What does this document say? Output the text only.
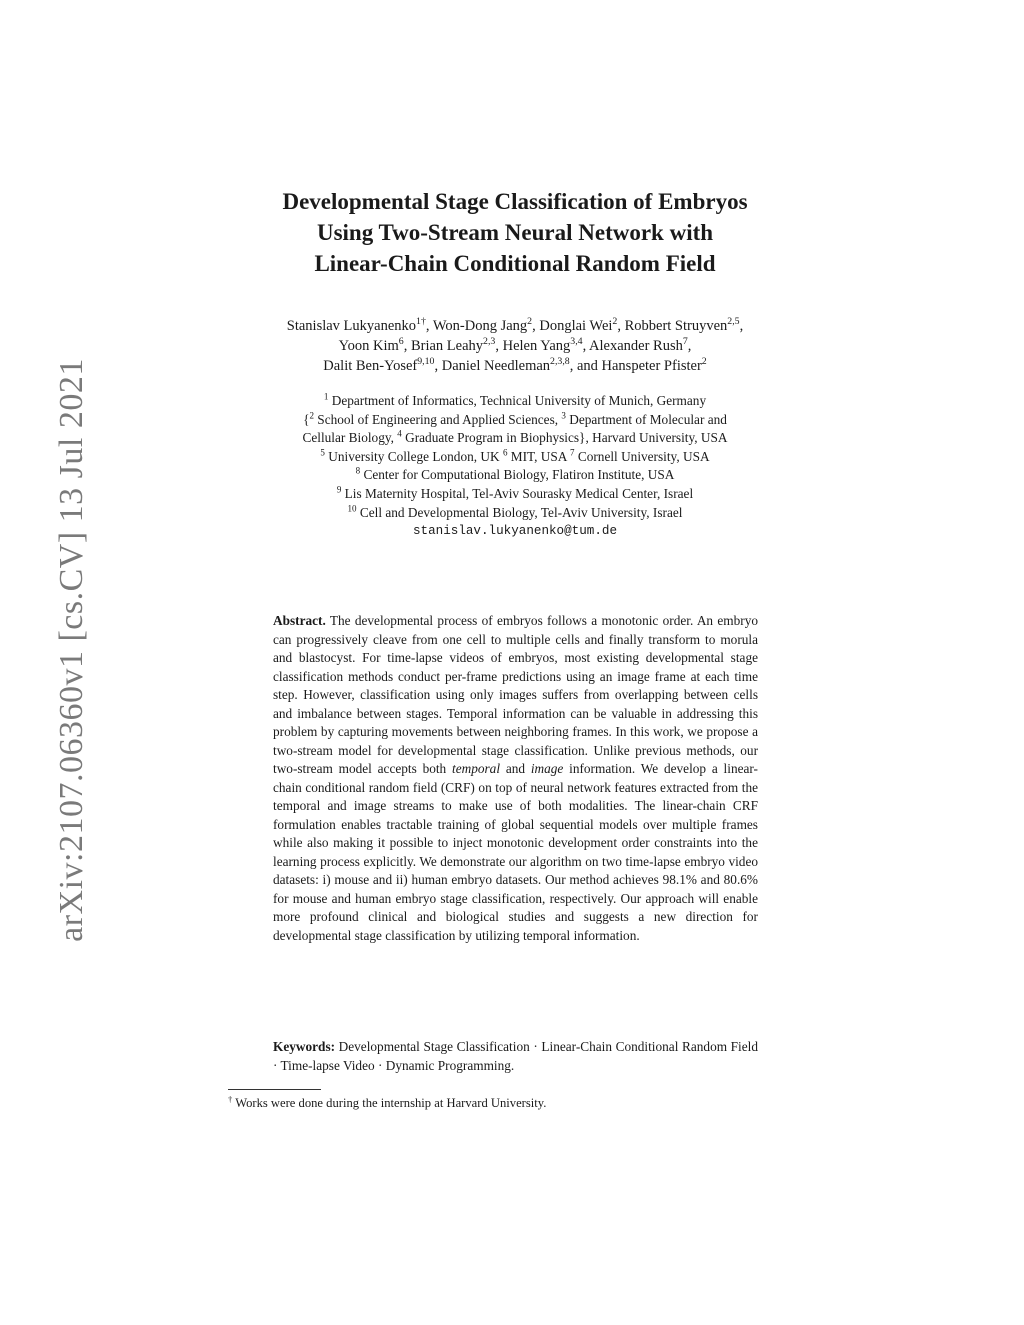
arXiv:2107.06360v1 [cs.CV] 13 Jul 2021
Developmental Stage Classification of Embryos
Using Two-Stream Neural Network with
Linear-Chain Conditional Random Field
Stanislav Lukyanenko$^{1\dagger}$, Won-Dong Jang$^2$, Donglai Wei$^2$, Robbert Struyven$^{2,5}$,
Yoon Kim$^6$, Brian Leahy$^{2,3}$, Helen Yang$^{3,4}$, Alexander Rush$^7$,
Dalit Ben-Yosef$^{9,10}$, Daniel Needleman$^{2,3,8}$, and Hanspeter Pfister$^2$
$^1$ Department of Informatics, Technical University of Munich, Germany
{$^2$ School of Engineering and Applied Sciences, $^3$ Department of Molecular and
Cellular Biology, $^4$ Graduate Program in Biophysics}, Harvard University, USA
$^5$ University College London, UK $^6$ MIT, USA $^7$ Cornell University, USA
$^8$ Center for Computational Biology, Flatiron Institute, USA
$^9$ Lis Maternity Hospital, Tel-Aviv Sourasky Medical Center, Israel
$^{10}$ Cell and Developmental Biology, Tel-Aviv University, Israel
stanislav.lukyanenko@tum.de

Abstract. The developmental process of embryos follows a monotonic order. An embryo can progressively cleave from one cell to multiple cells and finally transform to morula and blastocyst. For time-lapse videos of embryos, most existing developmental stage classification methods conduct per-frame predictions using an image frame at each time step. However, classification using only images suffers from overlapping between cells and imbalance between stages. Temporal information can be valuable in addressing this problem by capturing movements between neighboring frames. In this work, we propose a two-stream model for developmental stage classification. Unlike previous methods, our two-stream model accepts both temporal and image information. We develop a linear-chain conditional random field (CRF) on top of neural network features extracted from the temporal and image streams to make use of both modalities. The linear-chain CRF formulation enables tractable training of global sequential models over multiple frames while also making it possible to inject monotonic development order constraints into the learning process explicitly. We demonstrate our algorithm on two time-lapse embryo video datasets: i) mouse and ii) human embryo datasets. Our method achieves 98.1% and 80.6% for mouse and human embryo stage classification, respectively. Our approach will enable more profound clinical and biological studies and suggests a new direction for developmental stage classification by utilizing temporal information.

Keywords: Developmental Stage Classification · Linear-Chain Conditional Random Field · Time-lapse Video · Dynamic Programming.
† Works were done during the internship at Harvard University.
